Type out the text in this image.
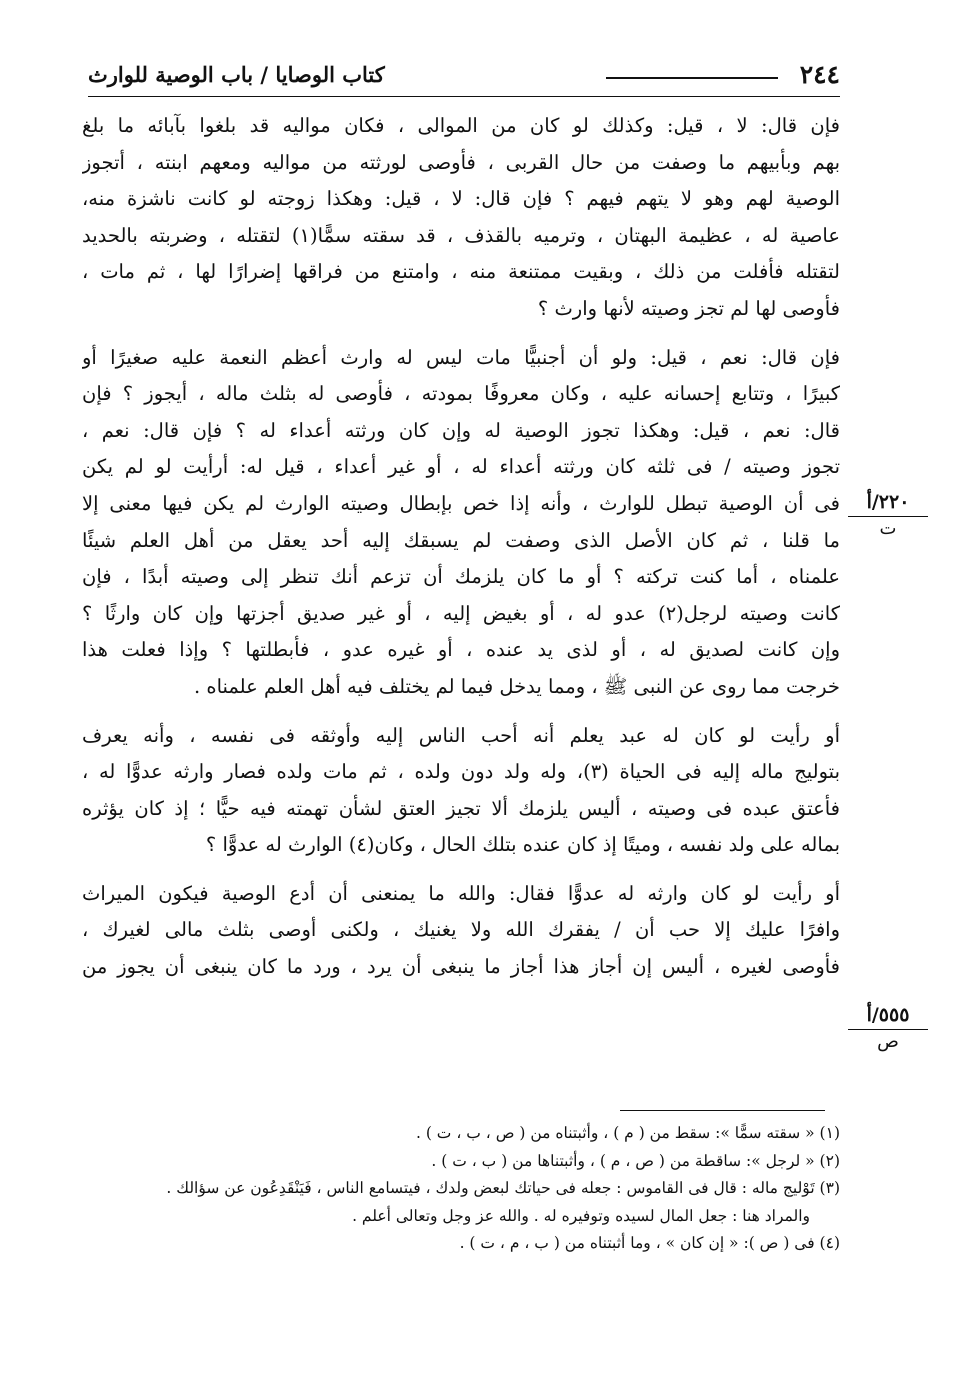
٢٤٤
كتاب الوصايا / باب الوصية للوارث

فإن قال: لا ، قيل: وكذلك لو كان من الموالى ، فكان مواليه قد بلغوا بآبائه ما بلغ
بهم وبأبيهم ما وصفت من حال القربى ، فأوصى لورثته من مواليه ومعهم ابنته ، أتجوز
الوصية لهم وهو لا يتهم فيهم ؟ فإن قال: لا ، قيل: وهكذا زوجته لو كانت ناشزة منه،
عاصية له ، عظيمة البهتان ، وترميه بالقذف ، قد سقته سمًّا(١) لتقتله ، وضربته بالحديد
لتقتله فأفلت من ذلك ، وبقيت ممتنعة منه ، وامتنع من فراقها إضرارًا لها ، ثم مات ،
فأوصى لها لم تجز وصيته لأنها وارث ؟

فإن قال: نعم ، قيل: ولو أن أجنبيًّا مات ليس له وارث أعظم النعمة عليه صغيرًا أو
كبيرًا ، وتتابع إحسانه عليه ، وكان معروفًا بمودته ، فأوصى له بثلث ماله ، أيجوز ؟ فإن
قال: نعم ، قيل: وهكذا تجوز الوصية له وإن كان ورثته أعداء له ؟ فإن قال: نعم ،
تجوز وصيته / فى ثلثه كان ورثته أعداء له ، أو غير أعداء ، قيل له: أرأيت لو لم يكن
فى أن الوصية تبطل للوارث ، وأنه إذا خص بإبطال وصيته الوارث لم يكن فيها معنى إلا
ما قلنا ، ثم كان الأصل الذى وصفت لم يسبقك إليه أحد يعقل من أهل العلم شيئًا
علمناه ، أما كنت تركته ؟ أو ما كان يلزمك أن تزعم أنك تنظر إلى وصيته أبدًا ، فإن
كانت وصيته لرجل(٢) عدو له ، أو بغيض إليه ، أو غير صديق أجزتها وإن كان وارثًا ؟
وإن كانت لصديق له ، أو لذى يد عنده ، أو غيره عدو ، فأبطلتها ؟ وإذا فعلت هذا
خرجت مما روى عن النبى ﷺ ، ومما يدخل فيما لم يختلف فيه أهل العلم علمناه .

أو رأيت لو كان له عبد يعلم أنه أحب الناس إليه وأوثقه فى نفسه ، وأنه يعرف
بتوليج ماله إليه فى الحياة (٣)، وله ولد دون ولده ، ثم مات ولده فصار وارثه عدوًّا له ،
فأعتق عبده فى وصيته ، أليس يلزمك ألا تجيز العتق لشأن تهمته فيه حيًّا ؛ إذ كان يؤثره
بماله على ولد نفسه ، وميتًا إذ كان عنده بتلك الحال ، وكان(٤) الوارث له عدوًّا ؟

أو رأيت لو كان وارثه له عدوًّا فقال: والله ما يمنعنى أن أدع الوصية فيكون الميراث
وافرًا عليك إلا حب أن / يفقرك الله ولا يغنيك ، ولكنى أوصى بثلث مالى لغيرك ،
فأوصى لغيره ، أليس إن أجاز هذا أجاز ما ينبغى أن يرد ، ورد ما كان ينبغى أن يجوز من

٢٢٠/أ
ت
٥٥٥/أ
ص
(١) « سقته سمًّا »: سقط من ( م ) ، وأثبتناه من ( ص ، ب ، ت ) .
(٢) « لرجل »: ساقطة من ( ص ، م ) ، وأثبتناها من ( ب ، ت ) .
(٣) تَوْليج ماله : قال فى القاموس : جعله فى حياتك لبعض ولدك ، فيتسامع الناس ، فَيَنْقَدِعُون عن سؤالك .
والمراد هنا : جعل المال لسيده وتوفيره له . والله عز وجل وتعالى أعلم .
(٤) فى ( ص ): « إن كان » ، وما أثبتناه من ( ب ، م ، ت ) .
